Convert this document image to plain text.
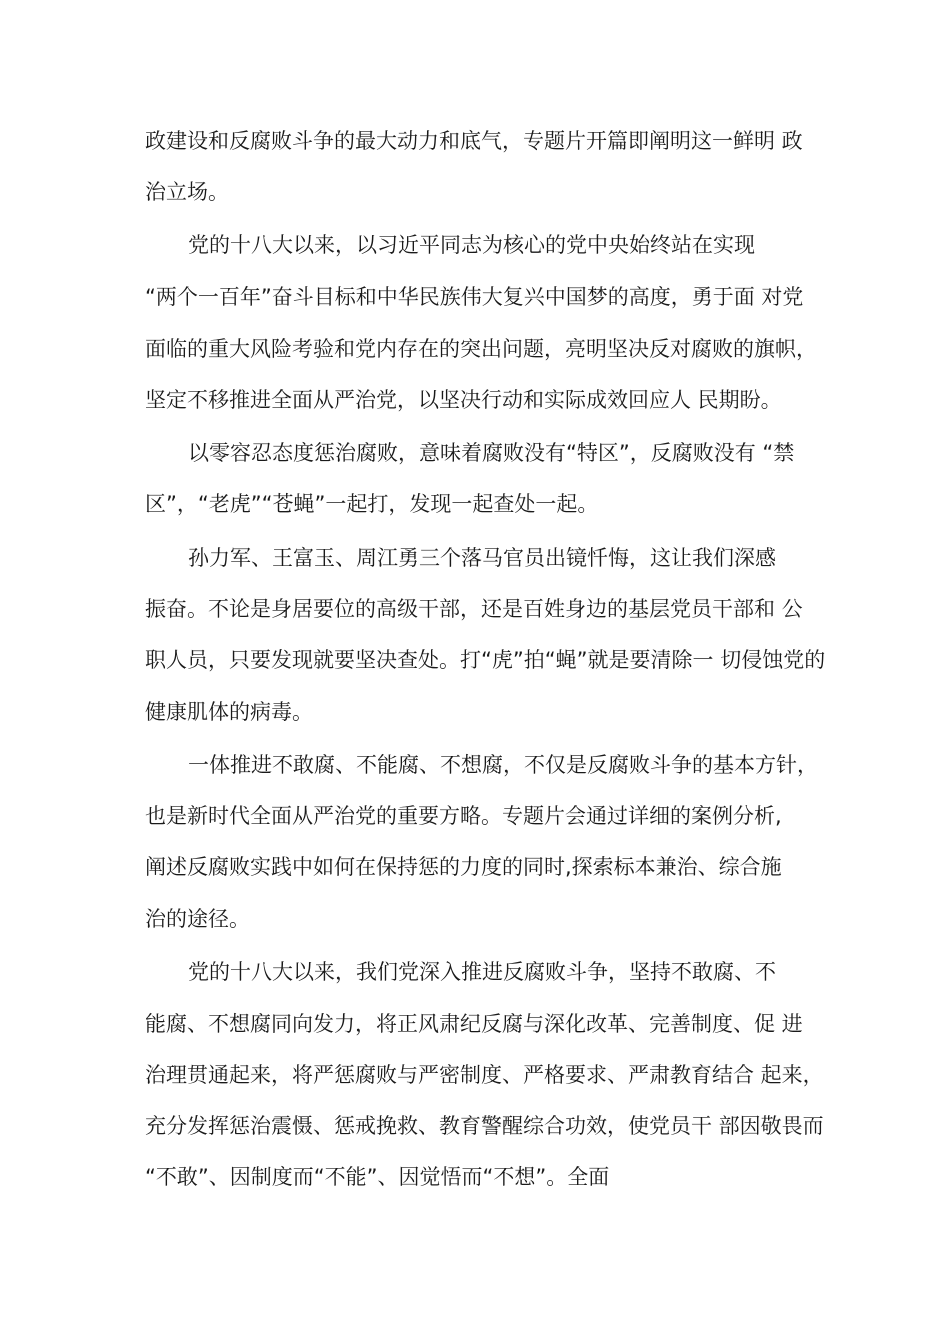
政建设和反腐败斗争的最大动力和底气，专题片开篇即阐明这一鲜明 政
治立场。
党的十八大以来，以习近平同志为核心的党中央始终站在实现
“两个一百年”奋斗目标和中华民族伟大复兴中国梦的高度，勇于面 对党
面临的重大风险考验和党内存在的突出问题，亮明坚决反对腐败的旗帜，
坚定不移推进全面从严治党，以坚决行动和实际成效回应人 民期盼。
以零容忍态度惩治腐败，意味着腐败没有“特区”，反腐败没有 “禁
区”，“老虎”“苍蝇”一起打，发现一起查处一起。
孙力军、王富玉、周江勇三个落马官员出镜忏悔，这让我们深感
振奋。不论是身居要位的高级干部，还是百姓身边的基层党员干部和 公
职人员，只要发现就要坚决查处。打“虎”拍“蝇”就是要清除一 切侵蚀党的
健康肌体的病毒。
一体推进不敢腐、不能腐、不想腐，不仅是反腐败斗争的基本方针，
也是新时代全面从严治党的重要方略。专题片会通过详细的案例分析,
阐述反腐败实践中如何在保持惩的力度的同时,探索标本兼治、综合施
治的途径。
党的十八大以来，我们党深入推进反腐败斗争，坚持不敢腐、不
能腐、不想腐同向发力，将正风肃纪反腐与深化改革、完善制度、促 进
治理贯通起来，将严惩腐败与严密制度、严格要求、严肃教育结合 起来，
充分发挥惩治震慑、惩戒挽救、教育警醒综合功效，使党员干 部因敬畏而
“不敢”、因制度而“不能”、因觉悟而“不想”。全面
